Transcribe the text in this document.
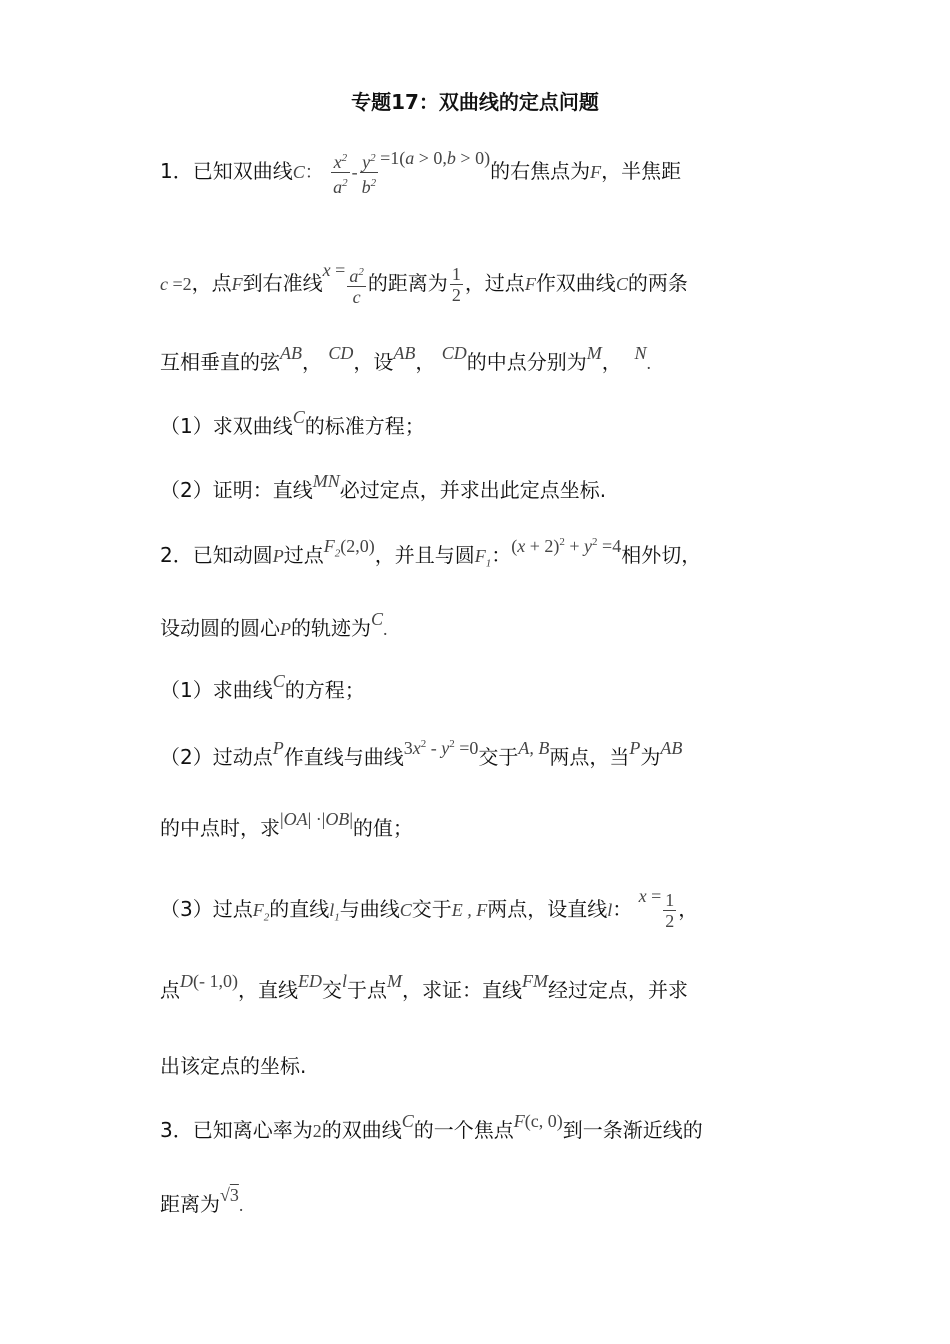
专题17：双曲线的定点问题
1．已知双曲线C： $\frac{x^2}{a^2} - \frac{y^2}{b^2} =1(a > 0,b > 0)$的右焦点为F，半焦距
c =2，点F到右准线$x = \frac{a^2}{c}$ 的距离为 $\frac{1}{2}$ ，过点F作双曲线C的两条
互相垂直的弦AB， CD，设AB， CD的中点分别为M， N.
（1）求双曲线C的标准方程；
（2）证明：直线MN必过定点，并求出此定点坐标.
2．已知动圆P过点$F_2(2,0)$，并且与圆$F_1$：$(x + 2)^2 + y^2 =4$相外切，
设动圆的圆心P的轨迹为C.
（1）求曲线C的方程；
（2）过动点P作直线与曲线$3x^2 - y^2 =0$交于A, B两点，当P为AB
的中点时，求|OA| ·|OB|的值；
（3）过点$F_2$的直线$l_1$与曲线C交于E , F两点，设直线l： $x = \frac{1}{2}$ ，
点D(- 1,0)，直线ED交l于点M，求证：直线FM经过定点，并求
出该定点的坐标.
3．已知离心率为2的双曲线C的一个焦点F(c, 0)到一条渐近线的
距离为√3.
